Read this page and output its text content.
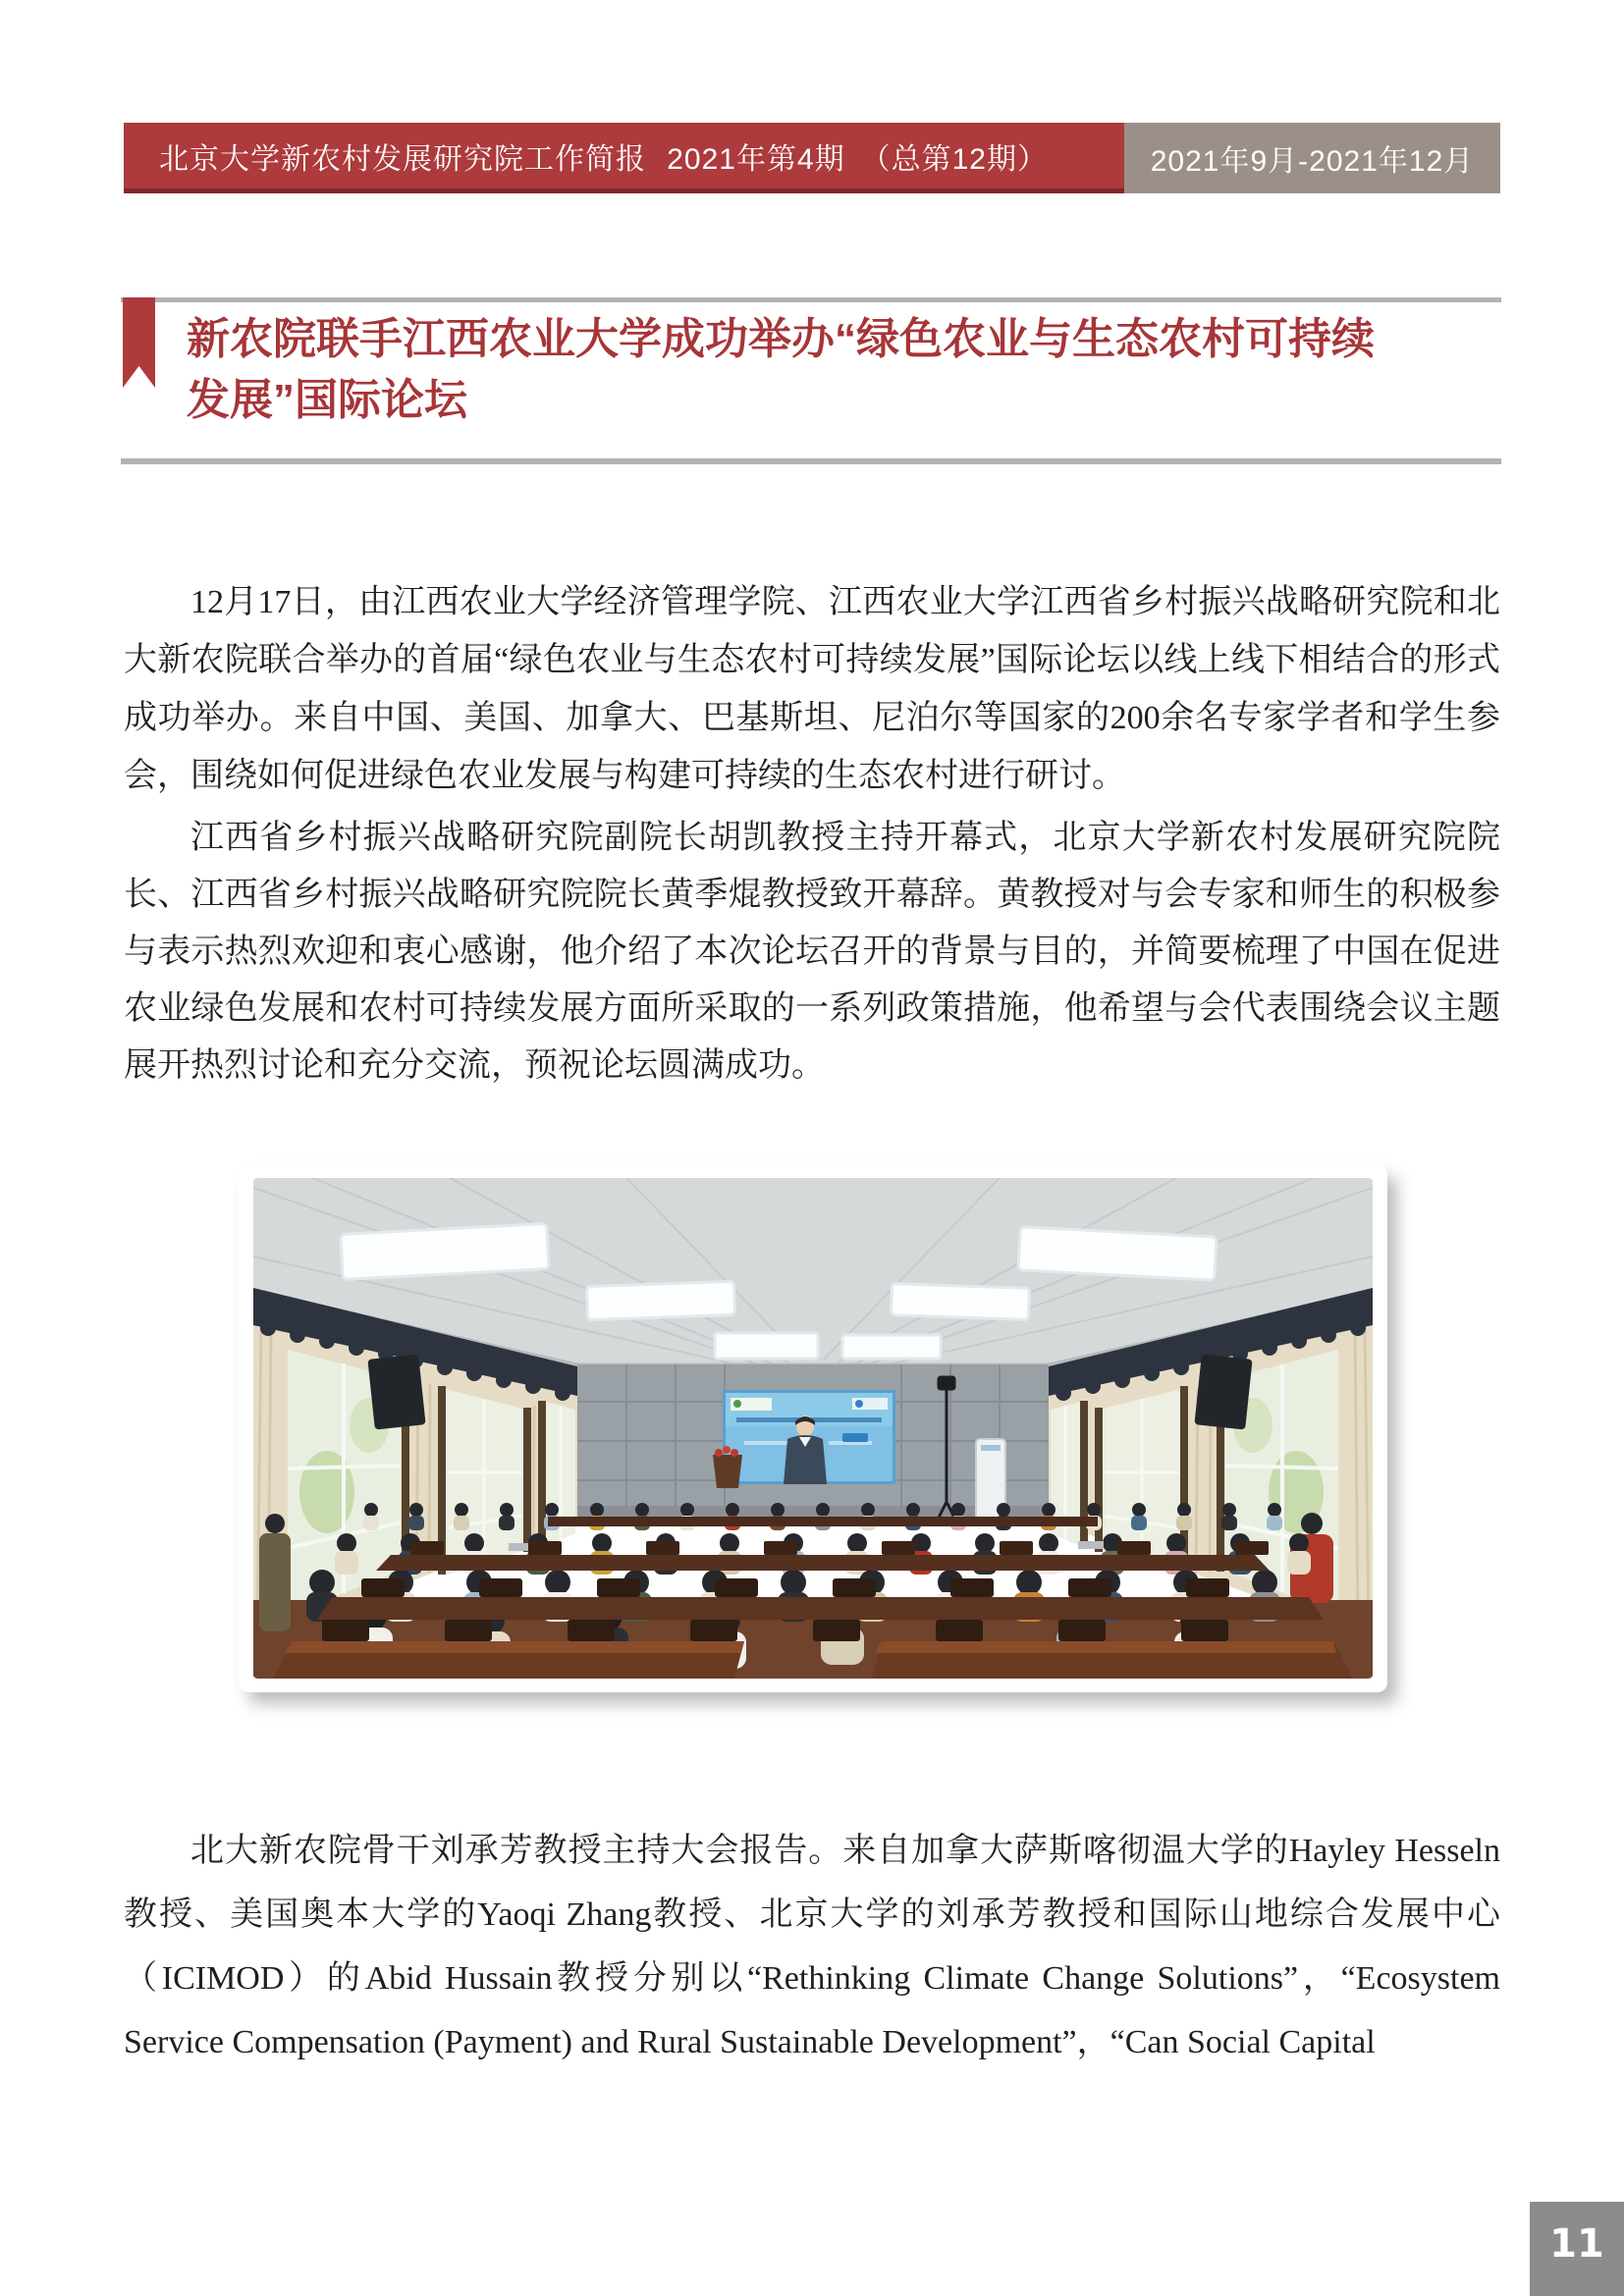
北京大学新农村发展研究院工作简报 2021年第4期　（总第12期）	2021年9月-2021年12月
新农院联手江西农业大学成功举办“绿色农业与生态农村可持续
发展”国际论坛

12月17日，由江西农业大学经济管理学院、江西农业大学江西省乡村振兴战略研究院和北大新农院联合举办的首届“绿色农业与生态农村可持续发展”国际论坛以线上线下相结合的形式成功举办。来自中国、美国、加拿大、巴基斯坦、尼泊尔等国家的200余名专家学者和学生参会，围绕如何促进绿色农业发展与构建可持续的生态农村进行研讨。

江西省乡村振兴战略研究院副院长胡凯教授主持开幕式，北京大学新农村发展研究院院长、江西省乡村振兴战略研究院院长黄季焜教授致开幕辞。黄教授对与会专家和师生的积极参与表示热烈欢迎和衷心感谢，他介绍了本次论坛召开的背景与目的，并简要梳理了中国在促进农业绿色发展和农村可持续发展方面所采取的一系列政策措施，他希望与会代表围绕会议主题展开热烈讨论和充分交流，预祝论坛圆满成功。

北大新农院骨干刘承芳教授主持大会报告。来自加拿大萨斯喀彻温大学的Hayley Hesseln教授、美国奥本大学的Yaoqi Zhang教授、北京大学的刘承芳教授和国际山地综合发展中心（ICIMOD）的Abid Hussain教授分别以“Rethinking Climate Change Solutions”，“Ecosystem Service Compensation (Payment) and Rural Sustainable Development”，“Can Social Capital

11
